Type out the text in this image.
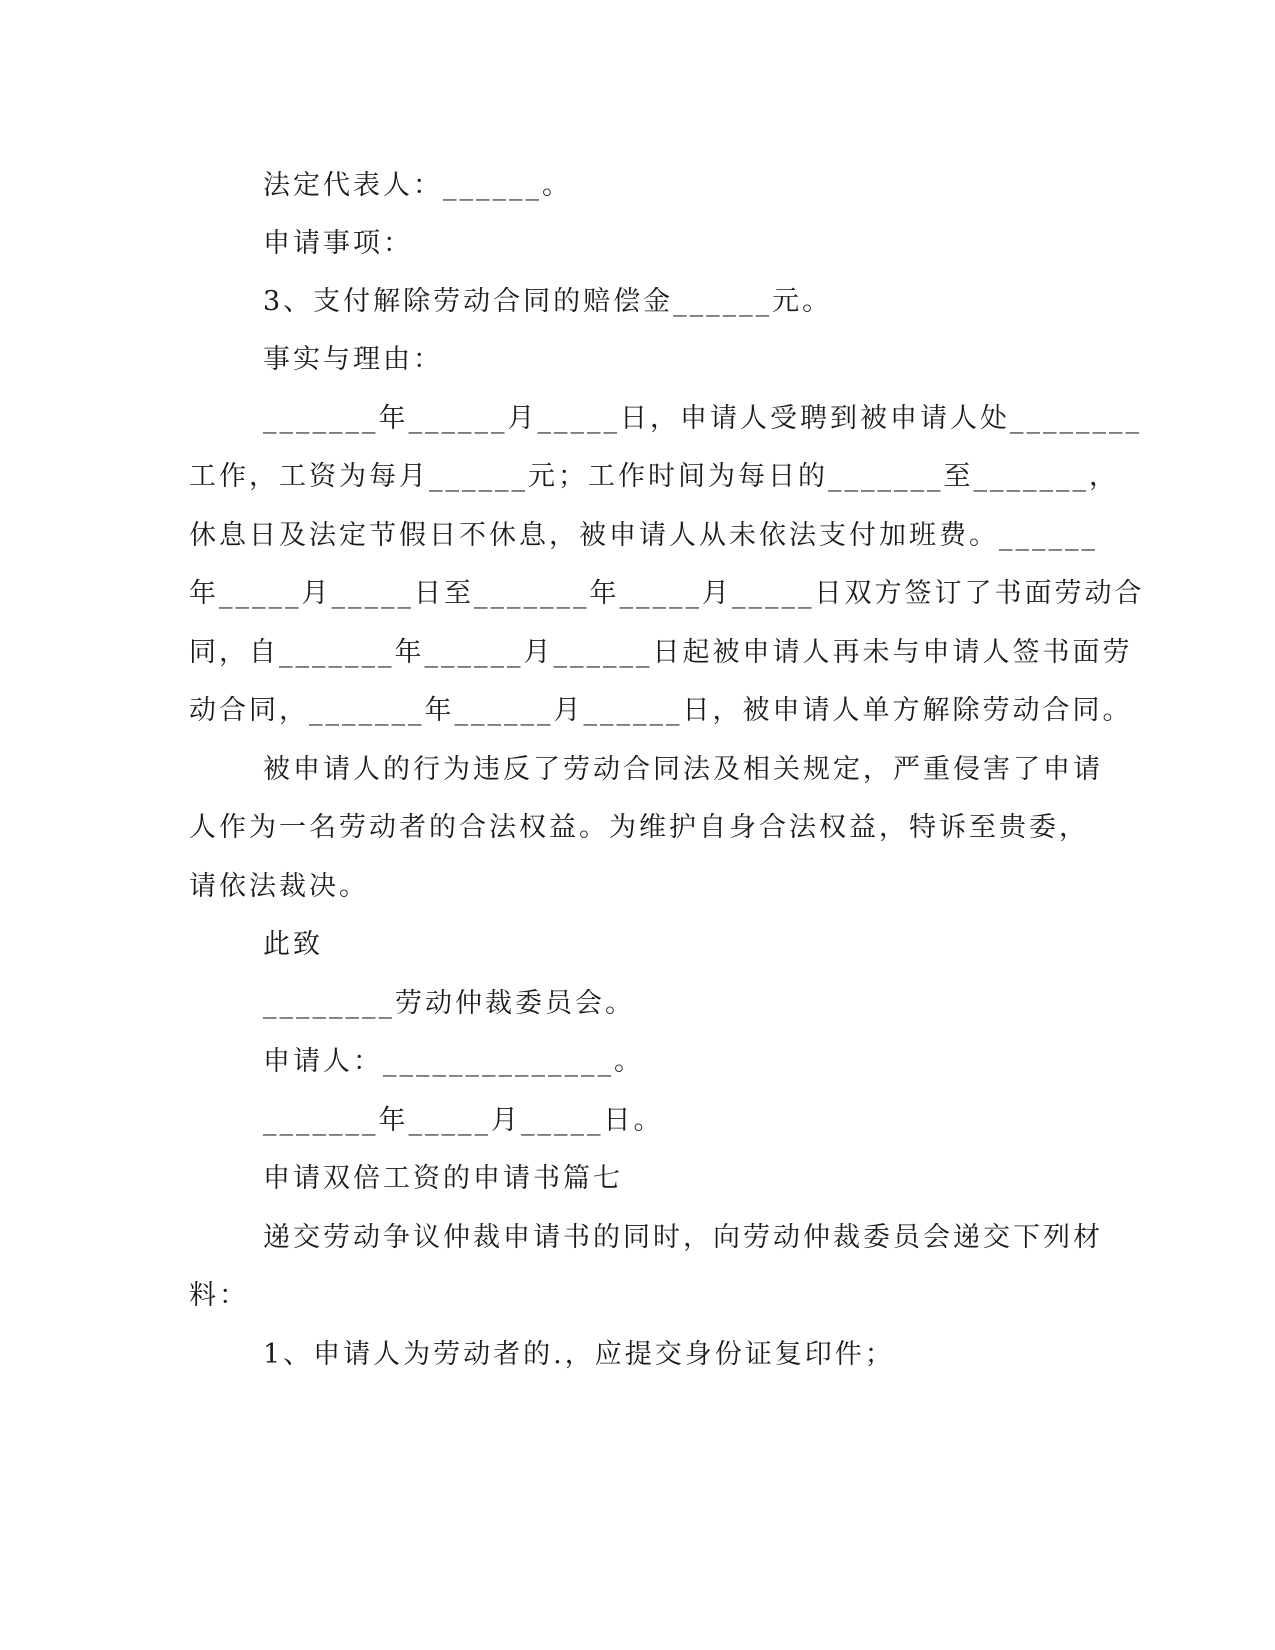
法定代表人：______。
申请事项：
3、支付解除劳动合同的赔偿金______元。
事实与理由：
_______年______月_____日，申请人受聘到被申请人处________
工作，工资为每月______元；工作时间为每日的_______至_______，
休息日及法定节假日不休息，被申请人从未依法支付加班费。______
年_____月_____日至_______年_____月_____日双方签订了书面劳动合
同，自_______年______月______日起被申请人再未与申请人签书面劳
动合同，_______年______月______日，被申请人单方解除劳动合同。
被申请人的行为违反了劳动合同法及相关规定，严重侵害了申请
人作为一名劳动者的合法权益。为维护自身合法权益，特诉至贵委，
请依法裁决。
此致
________劳动仲裁委员会。
申请人：______________。
_______年_____月_____日。
申请双倍工资的申请书篇七
递交劳动争议仲裁申请书的同时，向劳动仲裁委员会递交下列材
料：
1、申请人为劳动者的.，应提交身份证复印件；
